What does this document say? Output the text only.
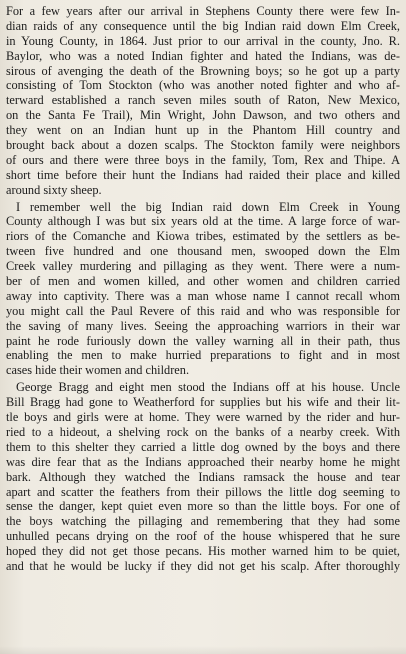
For a few years after our arrival in Stephens County there were few In-
dian raids of any consequence until the big Indian raid down Elm Creek,
in Young County, in 1864. Just prior to our arrival in the county, Jno. R.
Baylor, who was a noted Indian fighter and hated the Indians, was de-
sirous of avenging the death of the Browning boys; so he got up a party
consisting of Tom Stockton (who was another noted fighter and who af-
terward established a ranch seven miles south of Raton, New Mexico,
on the Santa Fe Trail), Min Wright, John Dawson, and two others and
they went on an Indian hunt up in the Phantom Hill country and
brought back about a dozen scalps. The Stockton family were neighbors
of ours and there were three boys in the family, Tom, Rex and Thipe. A
short time before their hunt the Indians had raided their place and killed
around sixty sheep.

I remember well the big Indian raid down Elm Creek in Young
County although I was but six years old at the time. A large force of war-
riors of the Comanche and Kiowa tribes, estimated by the settlers as be-
tween five hundred and one thousand men, swooped down the Elm
Creek valley murdering and pillaging as they went. There were a num-
ber of men and women killed, and other women and children carried
away into captivity. There was a man whose name I cannot recall whom
you might call the Paul Revere of this raid and who was responsible for
the saving of many lives. Seeing the approaching warriors in their war
paint he rode furiously down the valley warning all in their path, thus
enabling the men to make hurried preparations to fight and in most
cases hide their women and children.

George Bragg and eight men stood the Indians off at his house. Uncle
Bill Bragg had gone to Weatherford for supplies but his wife and their lit-
tle boys and girls were at home. They were warned by the rider and hur-
ried to a hideout, a shelving rock on the banks of a nearby creek. With
them to this shelter they carried a little dog owned by the boys and there
was dire fear that as the Indians approached their nearby home he might
bark. Although they watched the Indians ramsack the house and tear
apart and scatter the feathers from their pillows the little dog seeming to
sense the danger, kept quiet even more so than the little boys. For one of
the boys watching the pillaging and remembering that they had some
unhulled pecans drying on the roof of the house whispered that he sure
hoped they did not get those pecans. His mother warned him to be quiet,
and that he would be lucky if they did not get his scalp. After thoroughly
